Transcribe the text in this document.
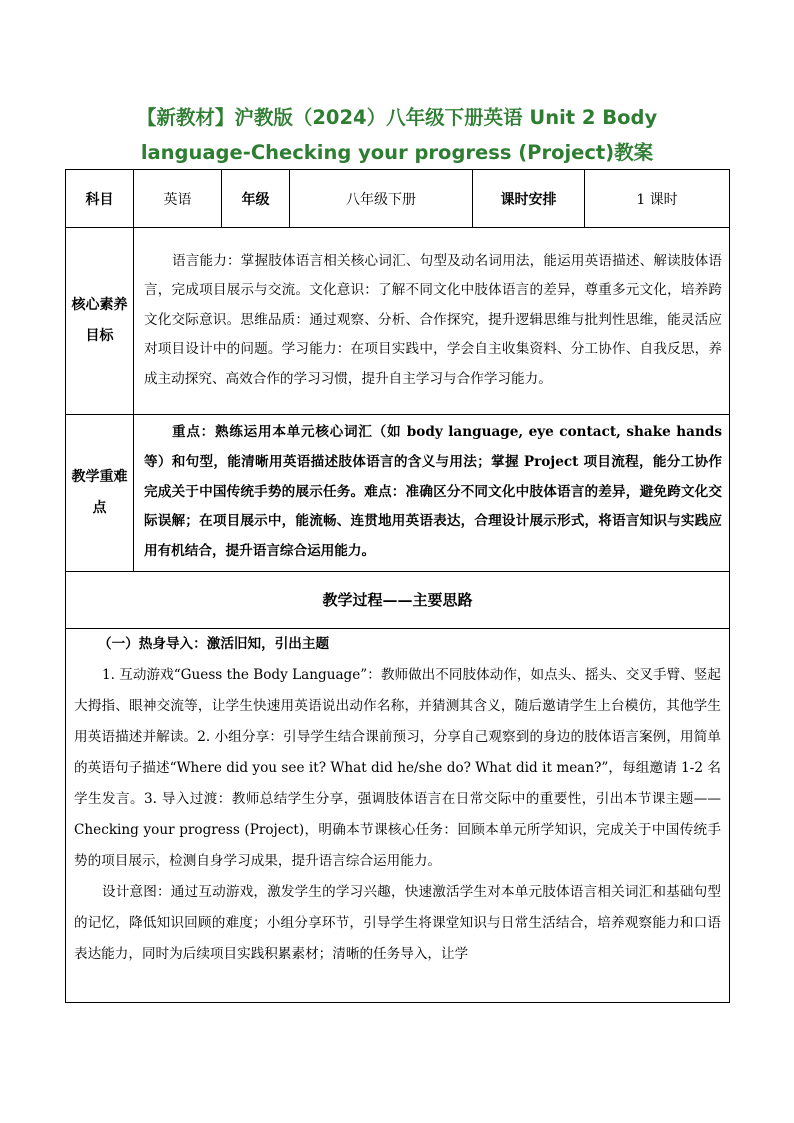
【新教材】沪教版（2024）八年级下册英语 Unit 2 Body
language-Checking your progress (Project)教案
科目	英语	年级	八年级下册	课时安排	1 课时

核心素养目标	语言能力：掌握肢体语言相关核心词汇、句型及动名词用法，能运用英语描述、解读肢体语言，完成项目展示与交流。文化意识：了解不同文化中肢体语言的差异，尊重多元文化，培养跨文化交际意识。思维品质：通过观察、分析、合作探究，提升逻辑思维与批判性思维，能灵活应对项目设计中的问题。学习能力：在项目实践中，学会自主收集资料、分工协作、自我反思，养成主动探究、高效合作的学习习惯，提升自主学习与合作学习能力。				

教学重难点	重点：熟练运用本单元核心词汇（如 body language, eye contact, shake hands 等）和句型，能清晰用英语描述肢体语言的含义与用法；掌握 Project 项目流程，能分工协作完成关于中国传统手势的展示任务。难点：准确区分不同文化中肢体语言的差异，避免跨文化交际误解；在项目展示中，能流畅、连贯地用英语表达，合理设计展示形式，将语言知识与实践应用有机结合，提升语言综合运用能力。				
教学过程——主要思路					

（一）热身导入：激活旧知，引出主题

1. 互动游戏“Guess the Body Language”：教师做出不同肢体动作，如点头、摇头、交叉手臂、竖起大拇指、眼神交流等，让学生快速用英语说出动作名称，并猜测其含义，随后邀请学生上台模仿，其他学生用英语描述并解读。2. 小组分享：引导学生结合课前预习，分享自己观察到的身边的肢体语言案例，用简单的英语句子描述“Where did you see it? What did he/she do? What did it mean?”，每组邀请 1-2 名学生发言。3. 导入过渡：教师总结学生分享，强调肢体语言在日常交际中的重要性，引出本节课主题——Checking your progress (Project)，明确本节课核心任务：回顾本单元所学知识，完成关于中国传统手势的项目展示，检测自身学习成果，提升语言综合运用能力。

设计意图：通过互动游戏，激发学生的学习兴趣，快速激活学生对本单元肢体语言相关词汇和基础句型的记忆，降低知识回顾的难度；小组分享环节，引导学生将课堂知识与日常生活结合，培养观察能力和口语表达能力，同时为后续项目实践积累素材；清晰的任务导入，让学					
